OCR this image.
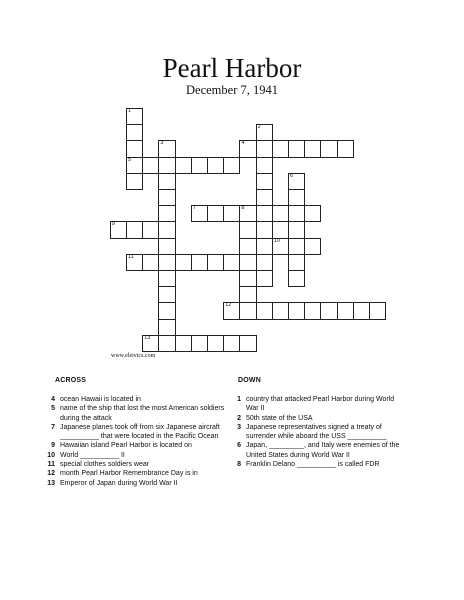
Pearl Harbor
December 7, 1941
1
5
2
3	4
6
7	8
9
10
11
12
13
www.eleivics.com
ACROSS	DOWN
4 ocean Hawaii is located in
5 name of the ship that lost the most American soldiers during the attack
7 Japanese planes took off from six Japanese aircraft __________ that were located in the Pacific Ocean
9 Hawaiian island Pearl Harbor is located on
10 World __________ II
11 special clothes soldiers wear
12 month Pearl Harbor Remembrance Day is in
13 Emperor of Japan during World War II
1 country that attacked Pearl Harbor during World War II
2 50th state of the USA
3 Japanese representatives signed a treaty of surrender while aboard the USS __________
6 Japan, _________, and Italy were enemies of the United States during World War II
8 Franklin Delano __________ is called FDR
